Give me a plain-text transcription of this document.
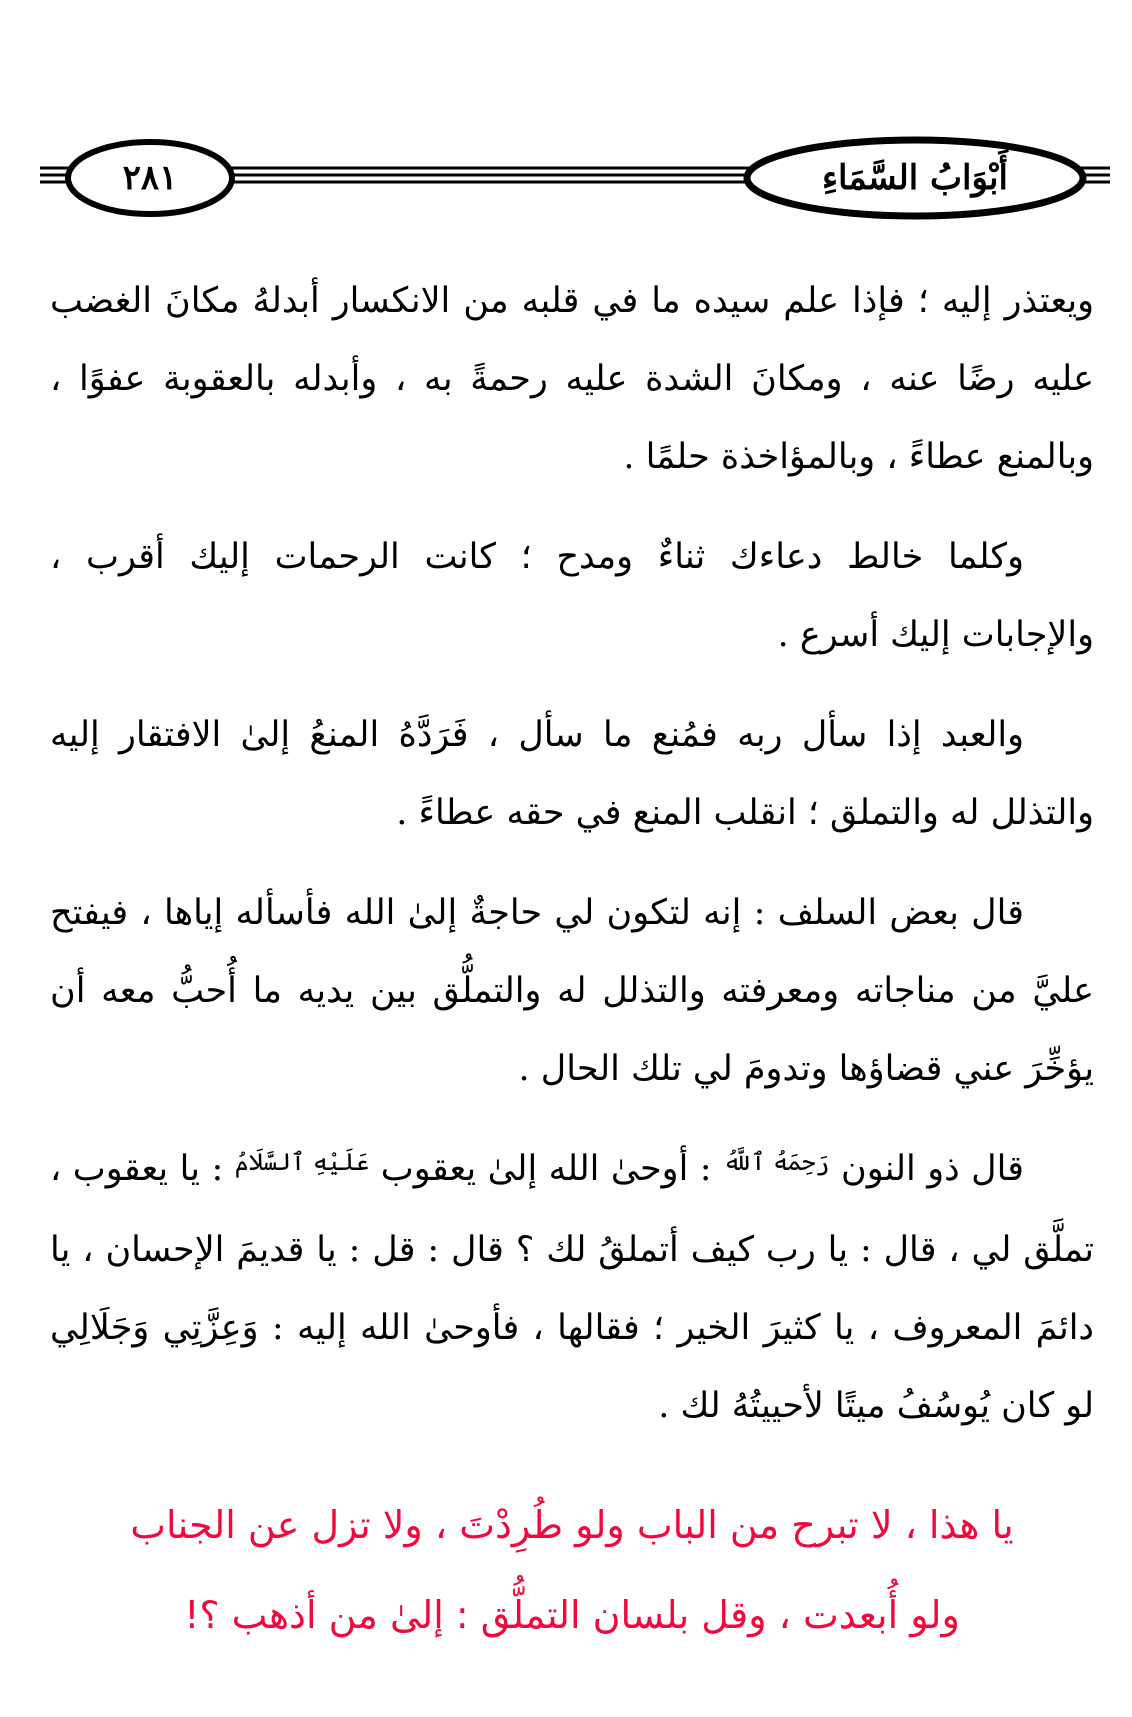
أَبْوَابُ السَّمَاءِ
٢٨١

ويعتذر إليه ؛ فإذا علم سيده ما في قلبه من الانكسار أبدلهُ مكانَ الغضب عليه رضًا عنه ، ومكانَ الشدة عليه رحمةً به ، وأبدله بالعقوبة عفوًا ، وبالمنع عطاءً ، وبالمؤاخذة حلمًا .

وكلما خالط دعاءك ثناءٌ ومدح ؛ كانت الرحمات إليك أقرب ، والإجابات إليك أسرع .

والعبد إذا سأل ربه فمُنع ما سأل ، فَرَدَّهُ المنعُ إلىٰ الافتقار إليه والتذلل له والتملق ؛ انقلب المنع في حقه عطاءً .

قال بعض السلف : إنه لتكون لي حاجةٌ إلىٰ الله فأسأله إياها ، فيفتح عليَّ من مناجاته ومعرفته والتذلل له والتملُّق بين يديه ما أُحبُّ معه أن يؤخِّرَ عني قضاؤها وتدومَ لي تلك الحال .

قال ذو النون $^{رَحِمَهُ ٱللَّهُ}$ : أوحىٰ الله إلىٰ يعقوب $^{عَلَيْهِ ٱلسَّلَامُ}$ : يا يعقوب ، تملَّق لي ، قال : يا رب كيف أتملقُ لك ؟ قال : قل : يا قديمَ الإحسان ، يا دائمَ المعروف ، يا كثيرَ الخير ؛ فقالها ، فأوحىٰ الله إليه : وَعِزَّتِي وَجَلَالِي لو كان يُوسُفُ ميتًا لأحييتُهُ لك .

يا هذا ، لا تبرح من الباب ولو طُرِدْتَ ، ولا تزل عن الجناب
ولو أُبعدت ، وقل بلسان التملُّق : إلىٰ من أذهب ؟!
